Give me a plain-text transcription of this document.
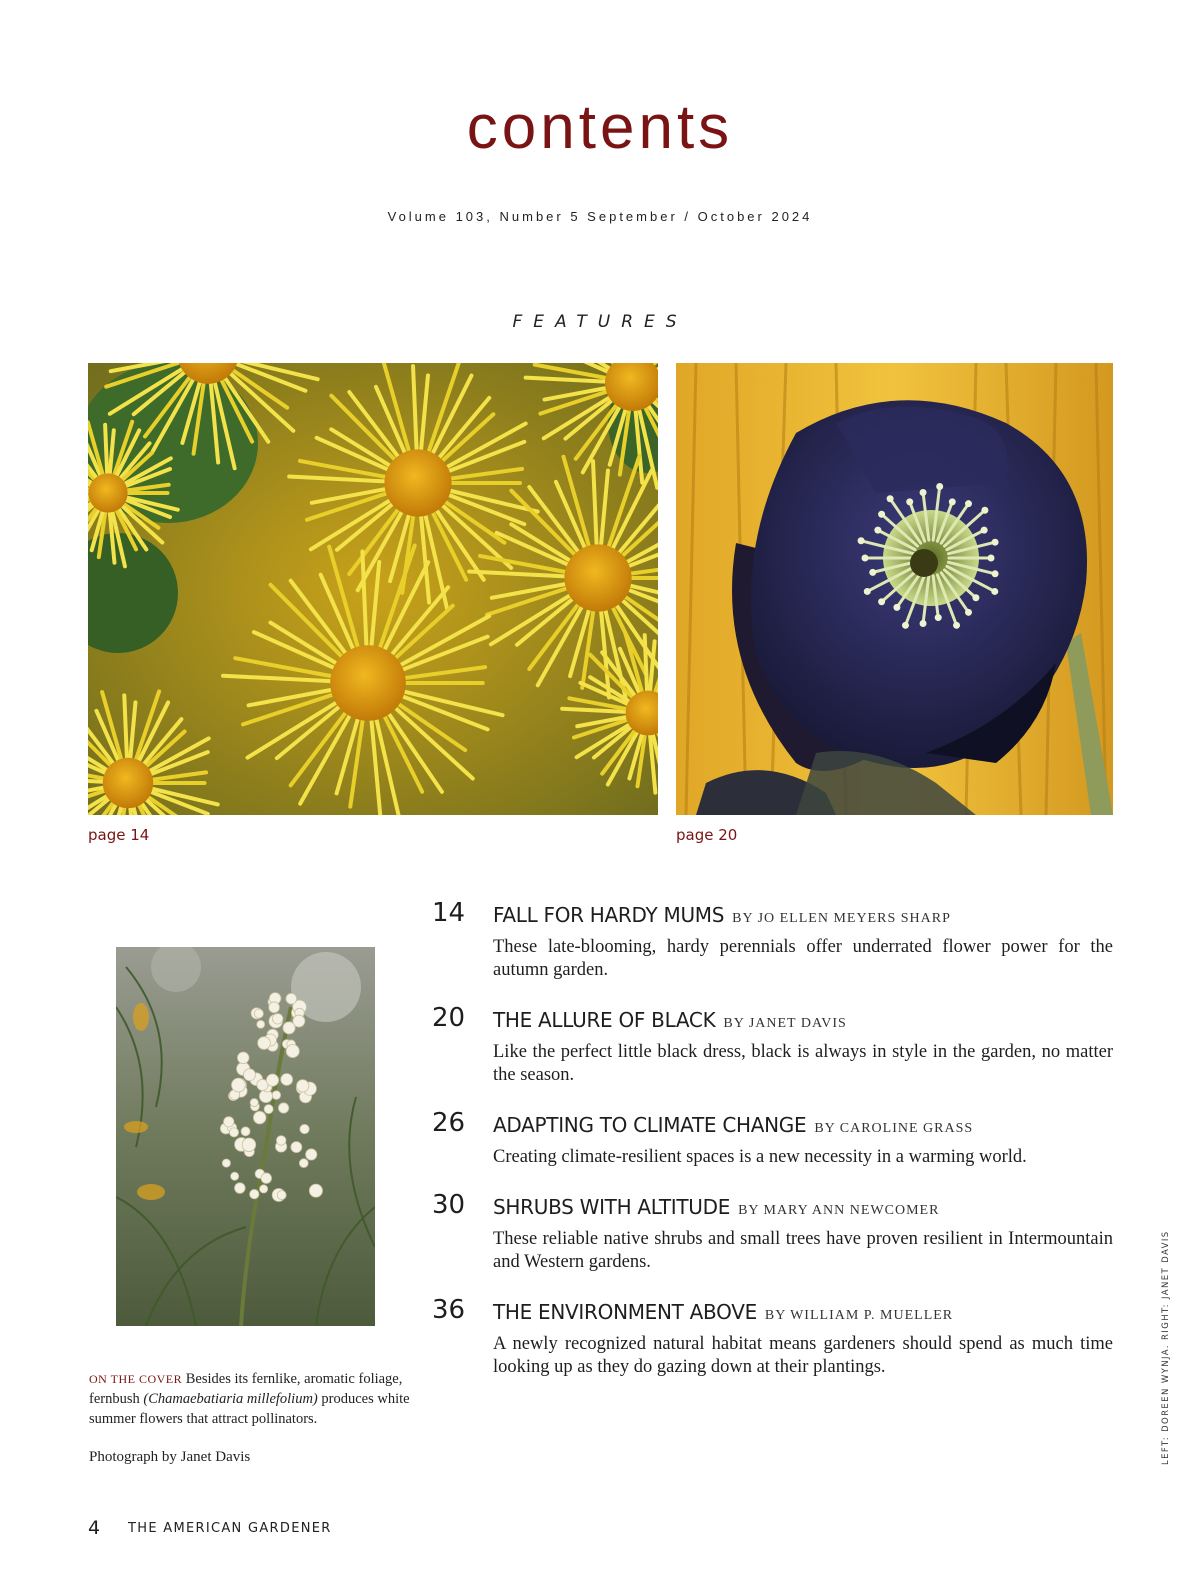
contents
Volume 103, Number 5 September / October 2024
FEATURES
page 14	page 20
14	FALL FOR HARDY MUMS BY JO ELLEN MEYERS SHARP
These late-blooming, hardy perennials offer underrated flower power for the autumn garden.
20	THE ALLURE OF BLACK BY JANET DAVIS
Like the perfect little black dress, black is always in style in the garden, no matter the season.
26	ADAPTING TO CLIMATE CHANGE BY CAROLINE GRASS
Creating climate-resilient spaces is a new necessity in a warming world.
30	SHRUBS WITH ALTITUDE BY MARY ANN NEWCOMER
These reliable native shrubs and small trees have proven resilient in Intermountain and Western gardens.
36	THE ENVIRONMENT ABOVE BY WILLIAM P. MUELLER
A newly recognized natural habitat means gardeners should spend as much time looking up as they do gazing down at their plantings.
ON THE COVER Besides its fernlike, aromatic foliage, fernbush (Chamaebatiaria millefolium) produces white summer flowers that attract pollinators.
Photograph by Janet Davis
4 THE AMERICAN GARDENER
LEFT: DOREEN WYNJA. RIGHT: JANET DAVIS
